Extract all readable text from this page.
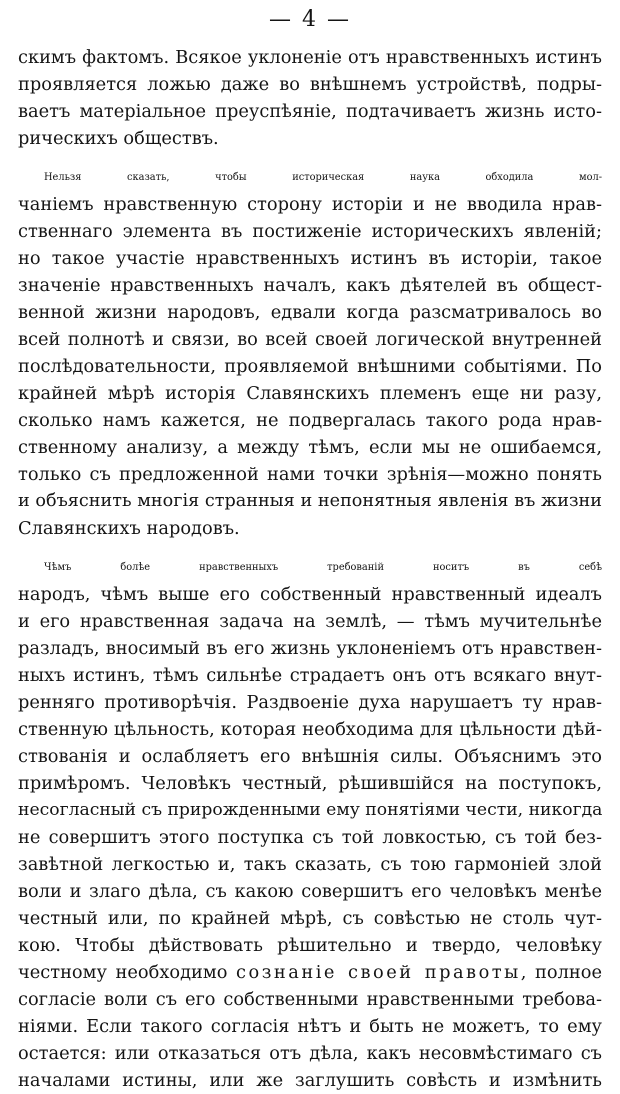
— 4 —

скимъ фактомъ. Всякое уклоненіе отъ нравственныхъ истинъ
проявляется ложью даже во внѣшнемъ устройствѣ, подры-
ваетъ матеріальное преуспѣяніе, подтачиваетъ жизнь исто-
рическихъ обществъ.

Нельзя сказать, чтобы историческая наука обходила мол-
чаніемъ нравственную сторону исторіи и не вводила нрав-
ственнаго элемента въ постиженіе историческихъ явленій;
но такое участіе нравственныхъ истинъ въ исторіи, такое
значеніе нравственныхъ началъ, какъ дѣятелей въ общест-
венной жизни народовъ, едвали когда разсматривалось во
всей полнотѣ и связи, во всей своей логической внутренней
послѣдовательности, проявляемой внѣшними событіями. По
крайней мѣрѣ исторія Славянскихъ племенъ еще ни разу,
сколько намъ кажется, не подвергалась такого рода нрав-
ственному анализу, а между тѣмъ, если мы не ошибаемся,
только съ предложенной нами точки зрѣнія—можно понять
и объяснить многія странныя и непонятныя явленія въ жизни
Славянскихъ народовъ.

Чѣмъ болѣе нравственныхъ требованій носитъ въ себѣ
народъ, чѣмъ выше его собственный нравственный идеалъ
и его нравственная задача на землѣ, — тѣмъ мучительнѣе
разладъ, вносимый въ его жизнь уклоненіемъ отъ нравствен-
ныхъ истинъ, тѣмъ сильнѣе страдаетъ онъ отъ всякаго внут-
ренняго противорѣчія. Раздвоеніе духа нарушаетъ ту нрав-
ственную цѣльность, которая необходима для цѣльности дѣй-
ствованія и ослабляетъ его внѣшнія силы. Объяснимъ это
примѣромъ. Человѣкъ честный, рѣшившійся на поступокъ,
несогласный съ прирожденными ему понятіями чести, никогда
не совершитъ этого поступка съ той ловкостью, съ той без-
завѣтной легкостью и, такъ сказать, съ тою гармоніей злой
воли и злаго дѣла, съ какою совершитъ его человѣкъ менѣе
честный или, по крайней мѣрѣ, съ совѣстью не столь чут-
кою. Чтобы дѣйствовать рѣшительно и твердо, человѣку
честному необходимо сознаніе своей правоты, полное
согласіе воли съ его собственными нравственными требова-
ніями. Если такого согласія нѣтъ и быть не можетъ, то ему
остается: или отказаться отъ дѣла, какъ несовмѣстимаго съ
началами истины, или же заглушить совѣсть и измѣнить
